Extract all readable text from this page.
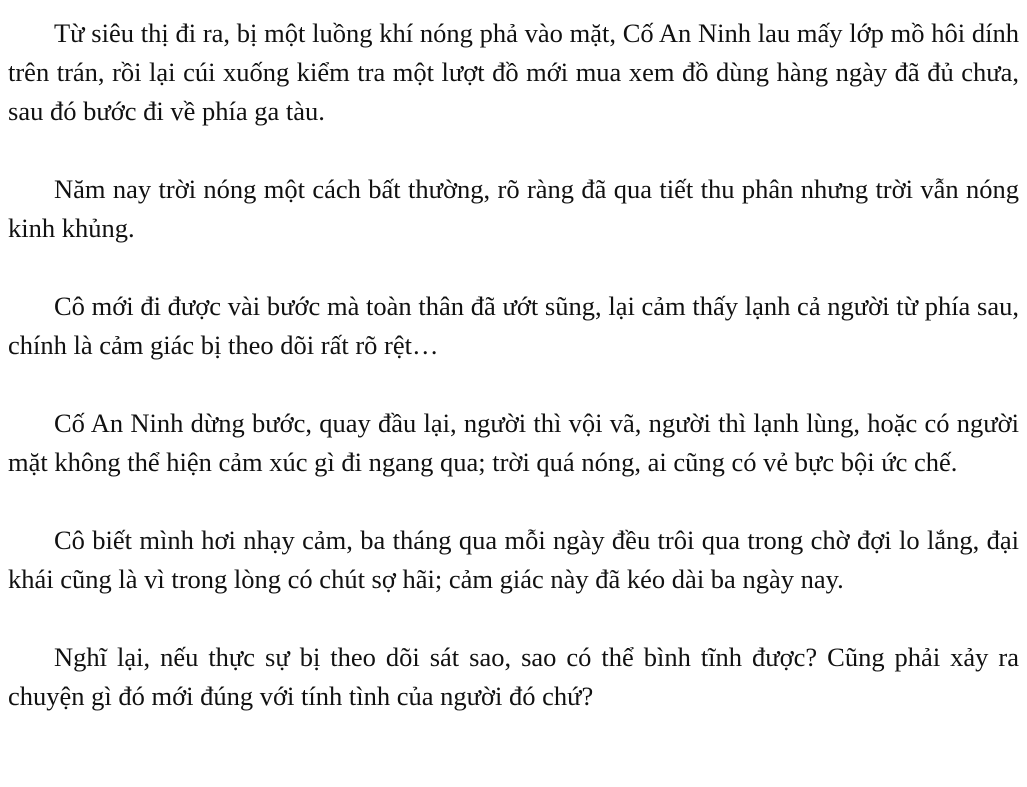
Từ siêu thị đi ra, bị một luồng khí nóng phả vào mặt, Cố An Ninh lau mấy lớp mồ hôi dính trên trán, rồi lại cúi xuống kiểm tra một lượt đồ mới mua xem đồ dùng hàng ngày đã đủ chưa, sau đó bước đi về phía ga tàu.

Năm nay trời nóng một cách bất thường, rõ ràng đã qua tiết thu phân nhưng trời vẫn nóng kinh khủng.

Cô mới đi được vài bước mà toàn thân đã ướt sũng, lại cảm thấy lạnh cả người từ phía sau, chính là cảm giác bị theo dõi rất rõ rệt…

Cố An Ninh dừng bước, quay đầu lại, người thì vội vã, người thì lạnh lùng, hoặc có người mặt không thể hiện cảm xúc gì đi ngang qua; trời quá nóng, ai cũng có vẻ bực bội ức chế.

Cô biết mình hơi nhạy cảm, ba tháng qua mỗi ngày đều trôi qua trong chờ đợi lo lắng, đại khái cũng là vì trong lòng có chút sợ hãi; cảm giác này đã kéo dài ba ngày nay.

Nghĩ lại, nếu thực sự bị theo dõi sát sao, sao có thể bình tĩnh được? Cũng phải xảy ra chuyện gì đó mới đúng với tính tình của người đó chứ?
